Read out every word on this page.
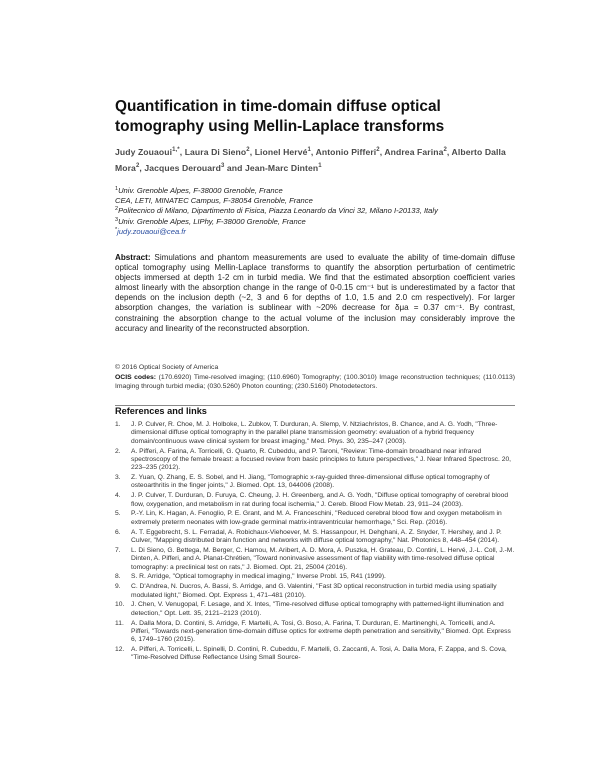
Quantification in time-domain diffuse optical tomography using Mellin-Laplace transforms
Judy Zouaoui$^{1,*}$, Laura Di Sieno$^2$, Lionel Hervé$^1$, Antonio Pifferi$^2$, Andrea Farina$^2$, Alberto Dalla Mora$^2$, Jacques Derouard$^3$ and Jean-Marc Dinten$^1$
$^1$Univ. Grenoble Alpes, F-38000 Grenoble, France
CEA, LETI, MINATEC Campus, F-38054 Grenoble, France
$^2$Politecnico di Milano, Dipartimento di Fisica, Piazza Leonardo da Vinci 32, Milano I-20133, Italy
$^3$Univ. Grenoble Alpes, LIPhy, F-38000 Grenoble, France
*judy.zouaoui@cea.fr
Abstract: Simulations and phantom measurements are used to evaluate the ability of time-domain diffuse optical tomography using Mellin-Laplace transforms to quantify the absorption perturbation of centimetric objects immersed at depth 1-2 cm in turbid media. We find that the estimated absorption coefficient varies almost linearly with the absorption change in the range of 0-0.15 cm⁻¹ but is underestimated by a factor that depends on the inclusion depth (~2, 3 and 6 for depths of 1.0, 1.5 and 2.0 cm respectively). For larger absorption changes, the variation is sublinear with ~20% decrease for δμa = 0.37 cm⁻¹. By contrast, constraining the absorption change to the actual volume of the inclusion may considerably improve the accuracy and linearity of the reconstructed absorption.
© 2016 Optical Society of America
OCIS codes: (170.6920) Time-resolved imaging; (110.6960) Tomography; (100.3010) Image reconstruction techniques; (110.0113) Imaging through turbid media; (030.5260) Photon counting; (230.5160) Photodetectors.
References and links
1. J. P. Culver, R. Choe, M. J. Holboke, L. Zubkov, T. Durduran, A. Slemp, V. Ntziachristos, B. Chance, and A. G. Yodh, "Three-dimensional diffuse optical tomography in the parallel plane transmission geometry: evaluation of a hybrid frequency domain/continuous wave clinical system for breast imaging," Med. Phys. 30, 235–247 (2003).
2. A. Pifferi, A. Farina, A. Torricelli, G. Quarto, R. Cubeddu, and P. Taroni, "Review: Time-domain broadband near infrared spectroscopy of the female breast: a focused review from basic principles to future perspectives," J. Near Infrared Spectrosc. 20, 223–235 (2012).
3. Z. Yuan, Q. Zhang, E. S. Sobel, and H. Jiang, "Tomographic x-ray-guided three-dimensional diffuse optical tomography of osteoarthritis in the finger joints," J. Biomed. Opt. 13, 044006 (2008).
4. J. P. Culver, T. Durduran, D. Furuya, C. Cheung, J. H. Greenberg, and A. G. Yodh, "Diffuse optical tomography of cerebral blood flow, oxygenation, and metabolism in rat during focal ischemia," J. Cereb. Blood Flow Metab. 23, 911–24 (2003).
5. P.-Y. Lin, K. Hagan, A. Fenoglio, P. E. Grant, and M. A. Franceschini, "Reduced cerebral blood flow and oxygen metabolism in extremely preterm neonates with low-grade germinal matrix-intraventricular hemorrhage," Sci. Rep. (2016).
6. A. T. Eggebrecht, S. L. Ferradal, A. Robichaux-Viehoever, M. S. Hassanpour, H. Dehghani, A. Z. Snyder, T. Hershey, and J. P. Culver, "Mapping distributed brain function and networks with diffuse optical tomography," Nat. Photonics 8, 448–454 (2014).
7. L. Di Sieno, G. Bettega, M. Berger, C. Hamou, M. Aribert, A. D. Mora, A. Puszka, H. Grateau, D. Contini, L. Hervé, J.-L. Coll, J.-M. Dinten, A. Pifferi, and A. Planat-Chrétien, "Toward noninvasive assessment of flap viability with time-resolved diffuse optical tomography: a preclinical test on rats," J. Biomed. Opt. 21, 25004 (2016).
8. S. R. Arridge, "Optical tomography in medical imaging," Inverse Probl. 15, R41 (1999).
9. C. D'Andrea, N. Ducros, A. Bassi, S. Arridge, and G. Valentini, "Fast 3D optical reconstruction in turbid media using spatially modulated light," Biomed. Opt. Express 1, 471–481 (2010).
10. J. Chen, V. Venugopal, F. Lesage, and X. Intes, "Time-resolved diffuse optical tomography with patterned-light illumination and detection," Opt. Lett. 35, 2121–2123 (2010).
11. A. Dalla Mora, D. Contini, S. Arridge, F. Martelli, A. Tosi, G. Boso, A. Farina, T. Durduran, E. Martinenghi, A. Torricelli, and A. Pifferi, "Towards next-generation time-domain diffuse optics for extreme depth penetration and sensitivity," Biomed. Opt. Express 6, 1749–1760 (2015).
12. A. Pifferi, A. Torricelli, L. Spinelli, D. Contini, R. Cubeddu, F. Martelli, G. Zaccanti, A. Tosi, A. Dalla Mora, F. Zappa, and S. Cova, "Time-Resolved Diffuse Reflectance Using Small Source-
